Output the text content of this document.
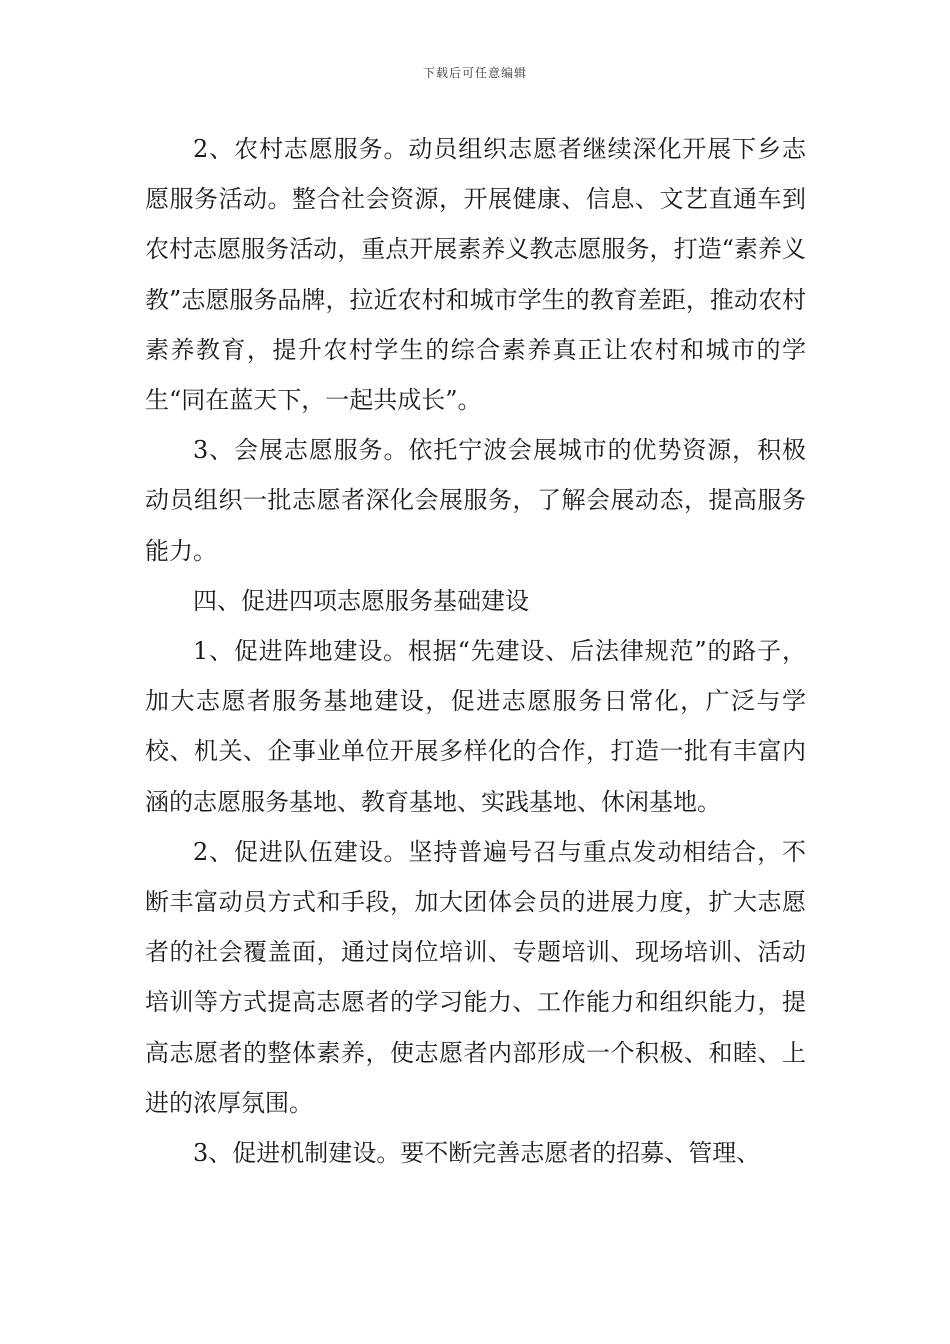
下载后可任意编辑

2、农村志愿服务。动员组织志愿者继续深化开展下乡志愿服务活动。整合社会资源，开展健康、信息、文艺直通车到农村志愿服务活动，重点开展素养义教志愿服务，打造“素养义教”志愿服务品牌，拉近农村和城市学生的教育差距，推动农村素养教育，提升农村学生的综合素养真正让农村和城市的学生“同在蓝天下，一起共成长”。

3、会展志愿服务。依托宁波会展城市的优势资源，积极动员组织一批志愿者深化会展服务，了解会展动态，提高服务能力。

四、促进四项志愿服务基础建设

1、促进阵地建设。根据“先建设、后法律规范”的路子，加大志愿者服务基地建设，促进志愿服务日常化，广泛与学校、机关、企事业单位开展多样化的合作，打造一批有丰富内涵的志愿服务基地、教育基地、实践基地、休闲基地。

2、促进队伍建设。坚持普遍号召与重点发动相结合，不断丰富动员方式和手段，加大团体会员的进展力度，扩大志愿者的社会覆盖面，通过岗位培训、专题培训、现场培训、活动培训等方式提高志愿者的学习能力、工作能力和组织能力，提高志愿者的整体素养，使志愿者内部形成一个积极、和睦、上进的浓厚氛围。

3、促进机制建设。要不断完善志愿者的招募、管理、
